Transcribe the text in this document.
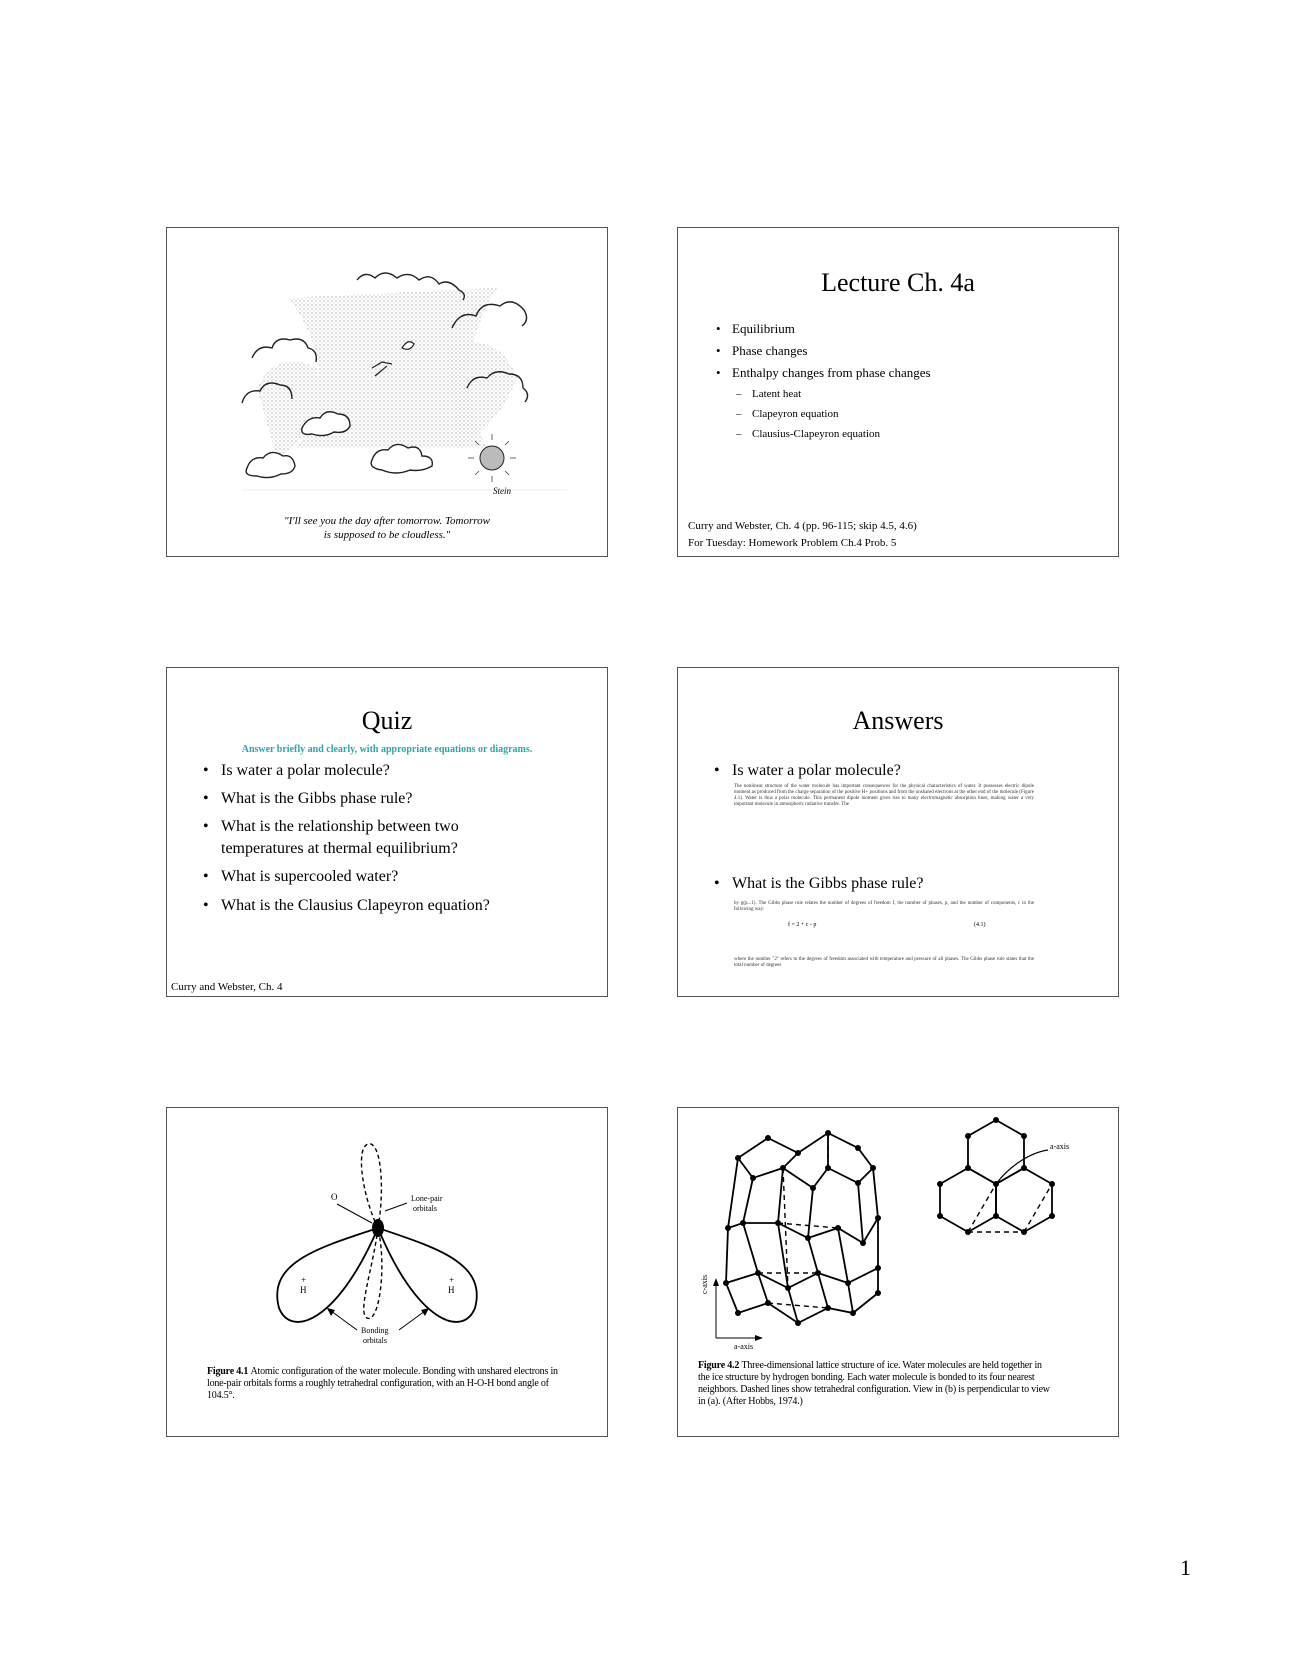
Stein
"I'll see you the day after tomorrow. Tomorrow
is supposed to be cloudless."
Lecture Ch. 4a
• Equilibrium
• Phase changes
• Enthalpy changes from phase changes
– Latent heat
– Clapeyron equation
– Clausius-Clapeyron equation
Curry and Webster, Ch. 4 (pp. 96-115; skip 4.5, 4.6)
For Tuesday: Homework Problem Ch.4 Prob. 5
Quiz
Answer briefly and clearly, with appropriate equations or diagrams.
• Is water a polar molecule?
• What is the Gibbs phase rule?
• What is the relationship between two
temperatures at thermal equilibrium?
• What is supercooled water?
• What is the Clausius Clapeyron equation?
Curry and Webster, Ch. 4
Answers
• Is water a polar molecule?
The nonlinear structure of the water molecule has important consequences for the physical characteristics of water. It possesses electric dipole moment as produced from the charge separation of the positive H+ positions and from the unshared electrons at the other end of the molecule (Figure 4.1). Water is thus a polar molecule. This permanent dipole moment gives rise to many electromagnetic absorption lines, making water a very important molecule in atmospheric radiative transfer. The
• What is the Gibbs phase rule?
by g(p...1). The Gibbs phase rule relates the number of degrees of freedom f, the number of phases, p, and the number of components, c in the following way:
f = 2 + c - p	(4.1)
where the number "2" refers to the degrees of freedom associated with temperature and pressure of all phases. The Gibbs phase rule states that the total number of degrees
O	Lone-pair
orbitals
+
H
+
H
Bonding
orbitals
Figure 4.1 Atomic configuration of the water molecule. Bonding with unshared electrons in
lone-pair orbitals forms a roughly tetrahedral configuration, with an H-O-H bond angle of
104.5°.
c-axis
a-axis
a-axis
Figure 4.2 Three-dimensional lattice structure of ice. Water molecules are held together in
the ice structure by hydrogen bonding. Each water molecule is bonded to its four nearest
neighbors. Dashed lines show tetrahedral configuration. View in (b) is perpendicular to view
in (a). (After Hobbs, 1974.)
1
